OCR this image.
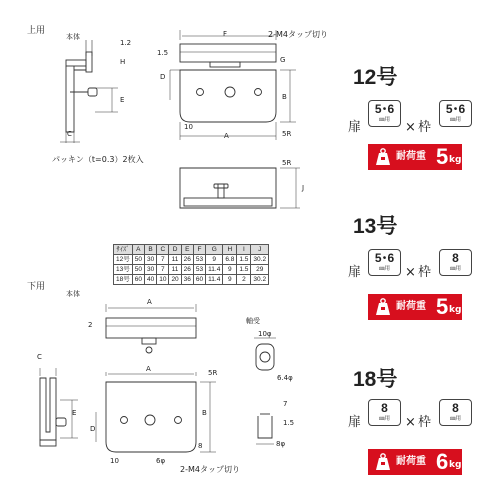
上用
本体
1.2
H
E
C
パッキン（t=0.3）2枚入
F	2-M4タップ切り
1.5
G
D
B
10
A	5R
5R
J
ｻｲｽﾞ	A	B	C	D	E	F	G	H	I	J
12号	50	30	7	11	26	53	9	6.8	1.5	30.2
13号	50	30	7	11	26	53	11.4	9	1.5	29
18号	60	40	10	20	36	60	11.4	9	2	30.2
下用
本体
A
2	軸受
10φ
C
A	5R
6.4φ
E
7
B
1.5
D
8	8φ
10	6φ
2-M4タップ切り
12号
扉
5･6
㎜用	× 枠
5･6
㎜用
耐荷重 5 kg
13号
扉
5･6
㎜用	× 枠
8
㎜用
耐荷重 5 kg
18号
扉
8
㎜用	× 枠
8
㎜用
耐荷重 6 kg
